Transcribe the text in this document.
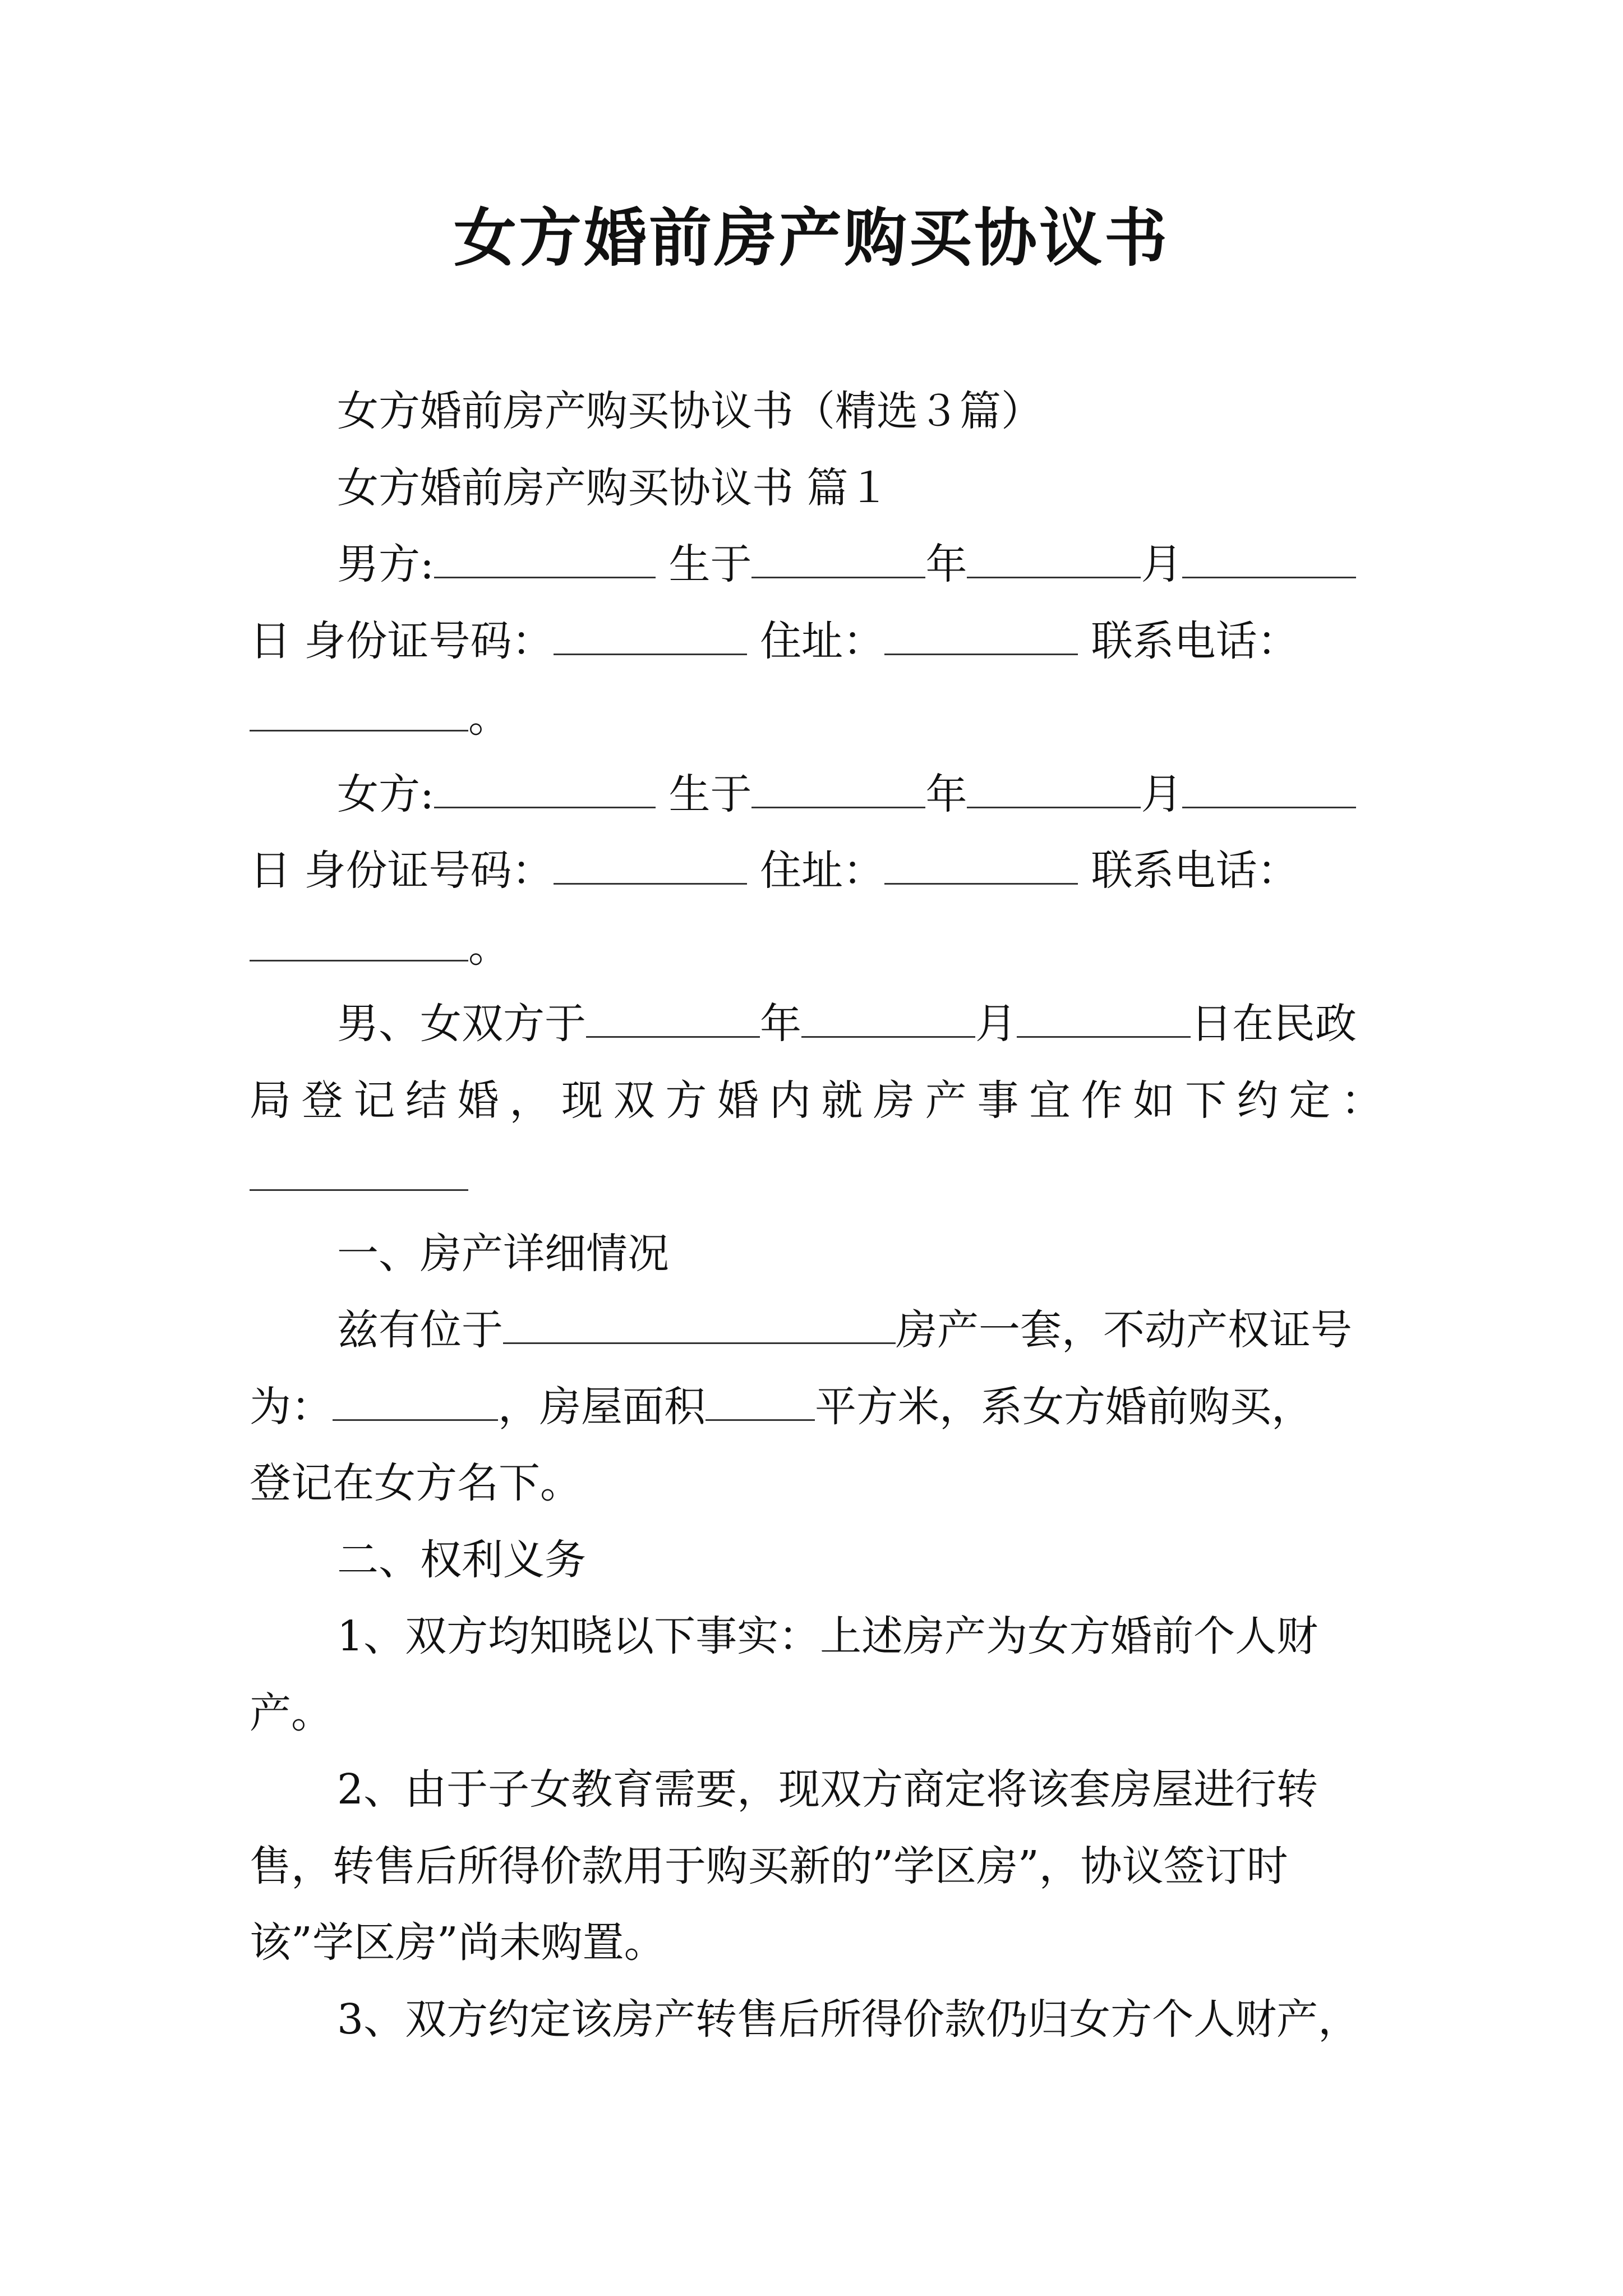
女方婚前房产购买协议书
女方婚前房产购买协议书（精选３篇）
女方婚前房产购买协议书 篇１
男方:	生于	年	月
日 身份证号码：	住址：	联系电话：
。
女方:	生于	年	月
日 身份证号码：	住址：	联系电话：
。
男、女双方于	年	月	日在民政
局登记结婚，现双方婚内就房产事宜作如下约定：
一、房产详细情况
兹有位于	房产一套，不动产权证号
为：	，房屋面积	平方米，系女方婚前购买，
登记在女方名下。
二、权利义务
1、双方均知晓以下事实：上述房产为女方婚前个人财
产。
2、由于子女教育需要，现双方商定将该套房屋进行转
售，转售后所得价款用于购买新的”学区房”，协议签订时
该”学区房”尚未购置。
3、双方约定该房产转售后所得价款仍归女方个人财产，
